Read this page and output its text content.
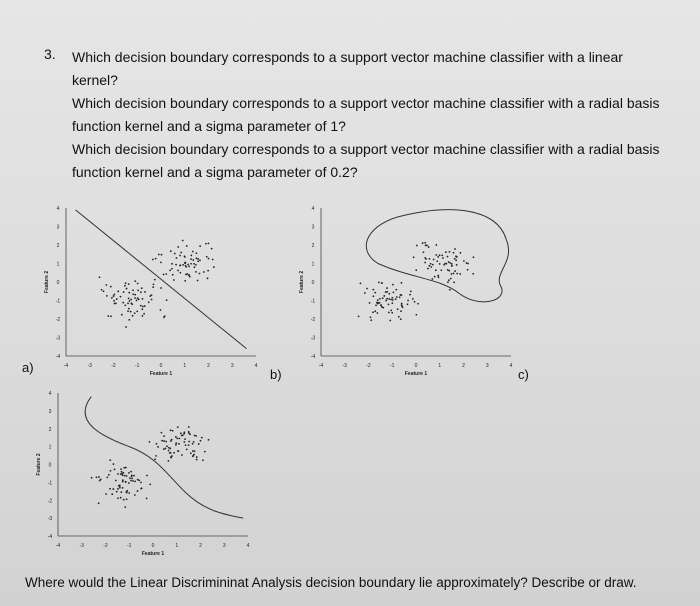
3. Which decision boundary corresponds to a support vector machine classifier with a linear
kernel?
Which decision boundary corresponds to a support vector machine classifier with a radial basis
function kernel and a sigma parameter of 1?
Which decision boundary corresponds to a support vector machine classifier with a radial basis
function kernel and a sigma parameter of 0.2?
-4	-3	-2	-1	0	1	2	3	4
4
3
2
1
0
-1
-2
-3
-4
Feature 1
Feature 2
-4	-3	-2	-1	0	1	2	3	4
4
3
2
1
0
-1
-2
-3
-4
Feature 1
Feature 2
-4	-3	-2	-1	0	1	2	3	4
4
3
2
1
0
-1
-2
-3
-4
Feature 1
Feature 2
a)	b)	c)
Where would the Linear Discrimininat Analysis decision boundary lie approximately? Describe or draw.
